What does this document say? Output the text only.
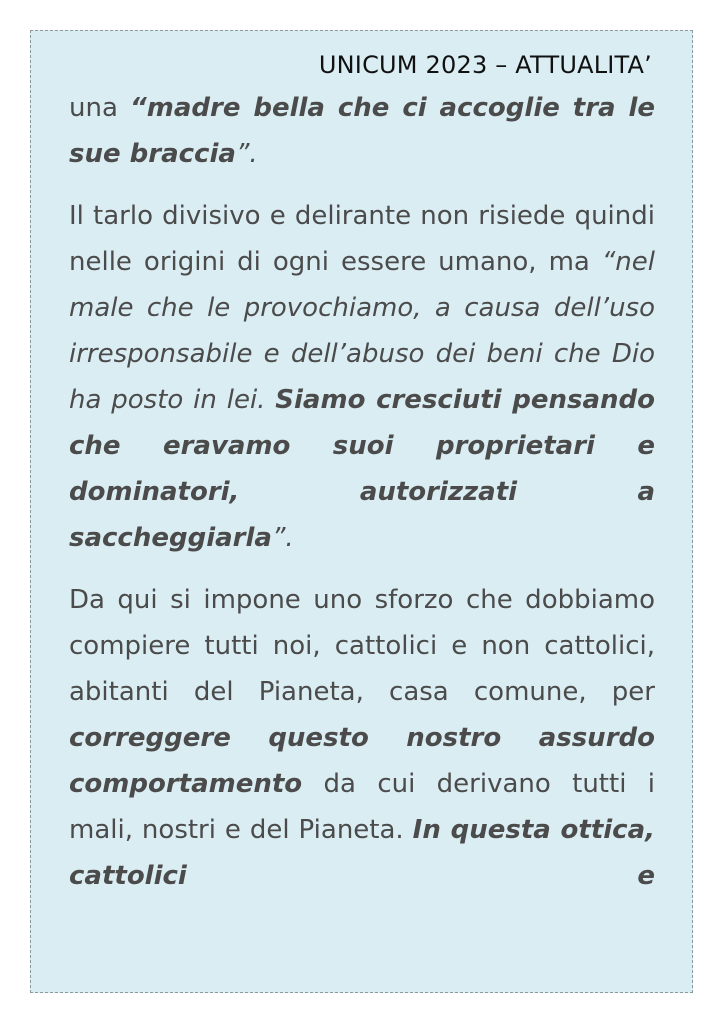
UNICUM 2023 – ATTUALITA’

una “madre bella che ci accoglie tra le sue braccia”.

Il tarlo divisivo e delirante non risiede quindi nelle origini di ogni essere umano, ma “nel male che le provochiamo, a causa dell’uso irresponsabile e dell’abuso dei beni che Dio ha posto in lei. Siamo cresciuti pensando che eravamo suoi proprietari e dominatori, autorizzati a saccheggiarla”.

Da qui si impone uno sforzo che dobbiamo compiere tutti noi, cattolici e non cattolici, abitanti del Pianeta, casa comune, per correggere questo nostro assurdo comportamento da cui derivano tutti i mali, nostri e del Pianeta. In questa ottica, cattolici e
